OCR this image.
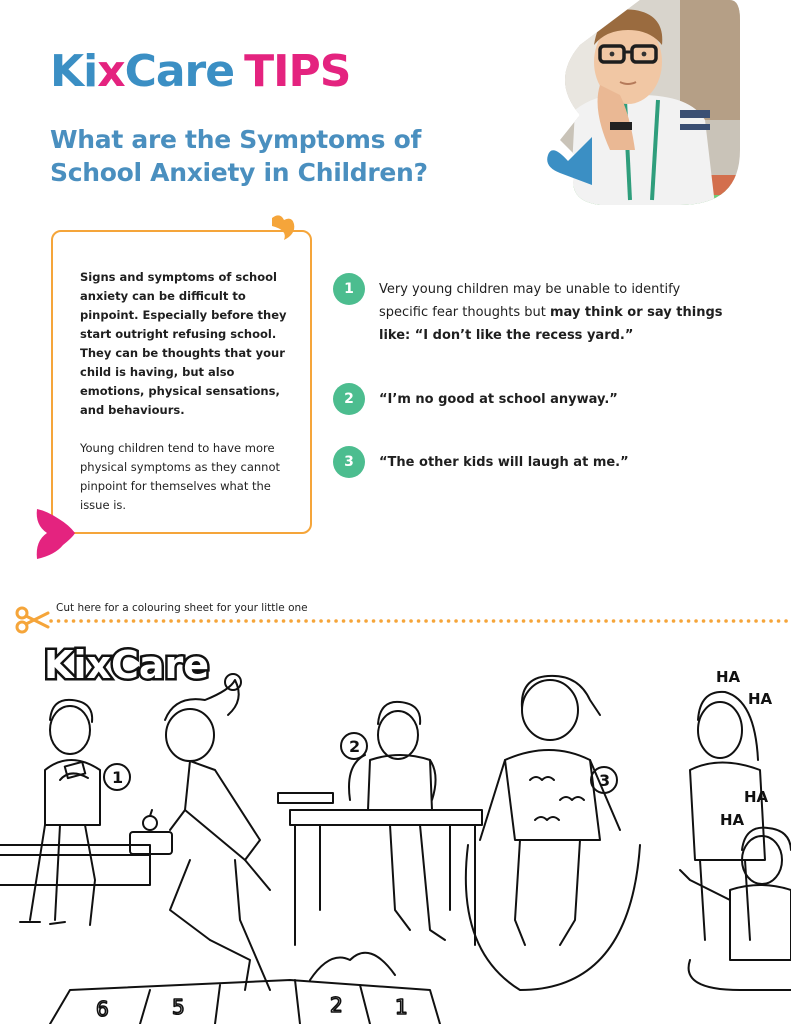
KixCare TIPS
What are the Symptoms of
School Anxiety in Children?

Signs and symptoms of school anxiety can be difficult to pinpoint. Especially before they start outright refusing school. They can be thoughts that your child is having, but also emotions, physical sensations, and behaviours.

Young children tend to have more physical symptoms as they cannot pinpoint for themselves what the issue is.

1	Very young children may be unable to identify specific fear thoughts but may think or say things like: “I don’t like the recess yard.”
2	“I’m no good at school anyway.”
3	“The other kids will laugh at me.”
Cut here for a colouring sheet for your little one
KixCare
1
2
3
HA
HA
HA
HA
6	5	2	1
